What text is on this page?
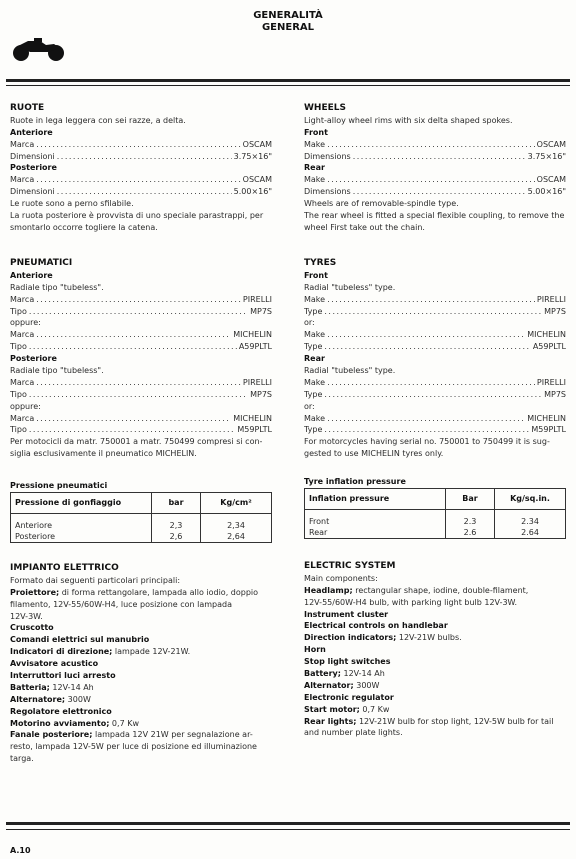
GENERALITÀ
GENERAL
RUOTE
Ruote in lega leggera con sei razze, a delta.
Anteriore
Marca .....	OSCAM
Dimensioni .....	3.75×16"
Posteriore
Marca .....	OSCAM
Dimensioni .....	5.00×16"
Le ruote sono a perno sfilabile.
La ruota posteriore è provvista di uno speciale parastrappi, per
smontarlo occorre togliere la catena.
PNEUMATICI
Anteriore
Radiale tipo "tubeless".
Marca .....	PIRELLI
Tipo .....	MP7S
oppure:
Marca .....	MICHELIN
Tipo .....	A59PLTL
Posteriore
Radiale tipo "tubeless".
Marca .....	PIRELLI
Tipo .....	MP7S
oppure:
Marca .....	MICHELIN
Tipo .....	M59PLTL
Per motocicli da matr. 750001 a matr. 750499 compresi si con-
siglia esclusivamente il pneumatico MICHELIN.
Pressione pneumatici
Pressione di gonfiaggio	bar	Kg/cm²
Anteriore	2,3	2,34
Posteriore	2,6	2,64
IMPIANTO ELETTRICO
Formato dai seguenti particolari principali:
Proiettore; di forma rettangolare, lampada allo iodio, doppio
filamento, 12V-55/60W-H4, luce posizione con lampada
12V-3W.
Cruscotto
Comandi elettrici sul manubrio
Indicatori di direzione; lampade 12V-21W.
Avvisatore acustico
Interruttori luci arresto
Batteria; 12V-14 Ah
Alternatore; 300W
Regolatore elettronico
Motorino avviamento; 0,7 Kw
Fanale posteriore; lampada 12V 21W per segnalazione ar-
resto, lampada 12V-5W per luce di posizione ed illuminazione
targa.
WHEELS
Light-alloy wheel rims with six delta shaped spokes.
Front
Make .....	OSCAM
Dimensions .....	3.75×16"
Rear
Make .....	OSCAM
Dimensions .....	5.00×16"
Wheels are of removable-spindle type.
The rear wheel is fitted a special flexible coupling, to remove the
wheel First take out the chain.
TYRES
Front
Radial "tubeless" type.
Make .....	PIRELLI
Type .....	MP7S
or:
Make .....	MICHELIN
Type .....	A59PLTL
Rear
Radial "tubeless" type.
Make .....	PIRELLI
Type .....	MP7S
or:
Make .....	MICHELIN
Type .....	M59PLTL
For motorcycles having serial no. 750001 to 750499 it is sug-
gested to use MICHELIN tyres only.
Tyre inflation pressure
Inflation pressure	Bar	Kg/sq.in.
Front	2.3	2.34
Rear	2.6	2.64
ELECTRIC SYSTEM
Main components:
Headlamp; rectangular shape, iodine, double-filament,
12V-55/60W-H4 bulb, with parking light bulb 12V-3W.
Instrument cluster
Electrical controls on handlebar
Direction indicators; 12V-21W bulbs.
Horn
Stop light switches
Battery; 12V-14 Ah
Alternator; 300W
Electronic regulator
Start motor; 0,7 Kw
Rear lights; 12V-21W bulb for stop light, 12V-5W bulb for tail
and number plate lights.
A.10
